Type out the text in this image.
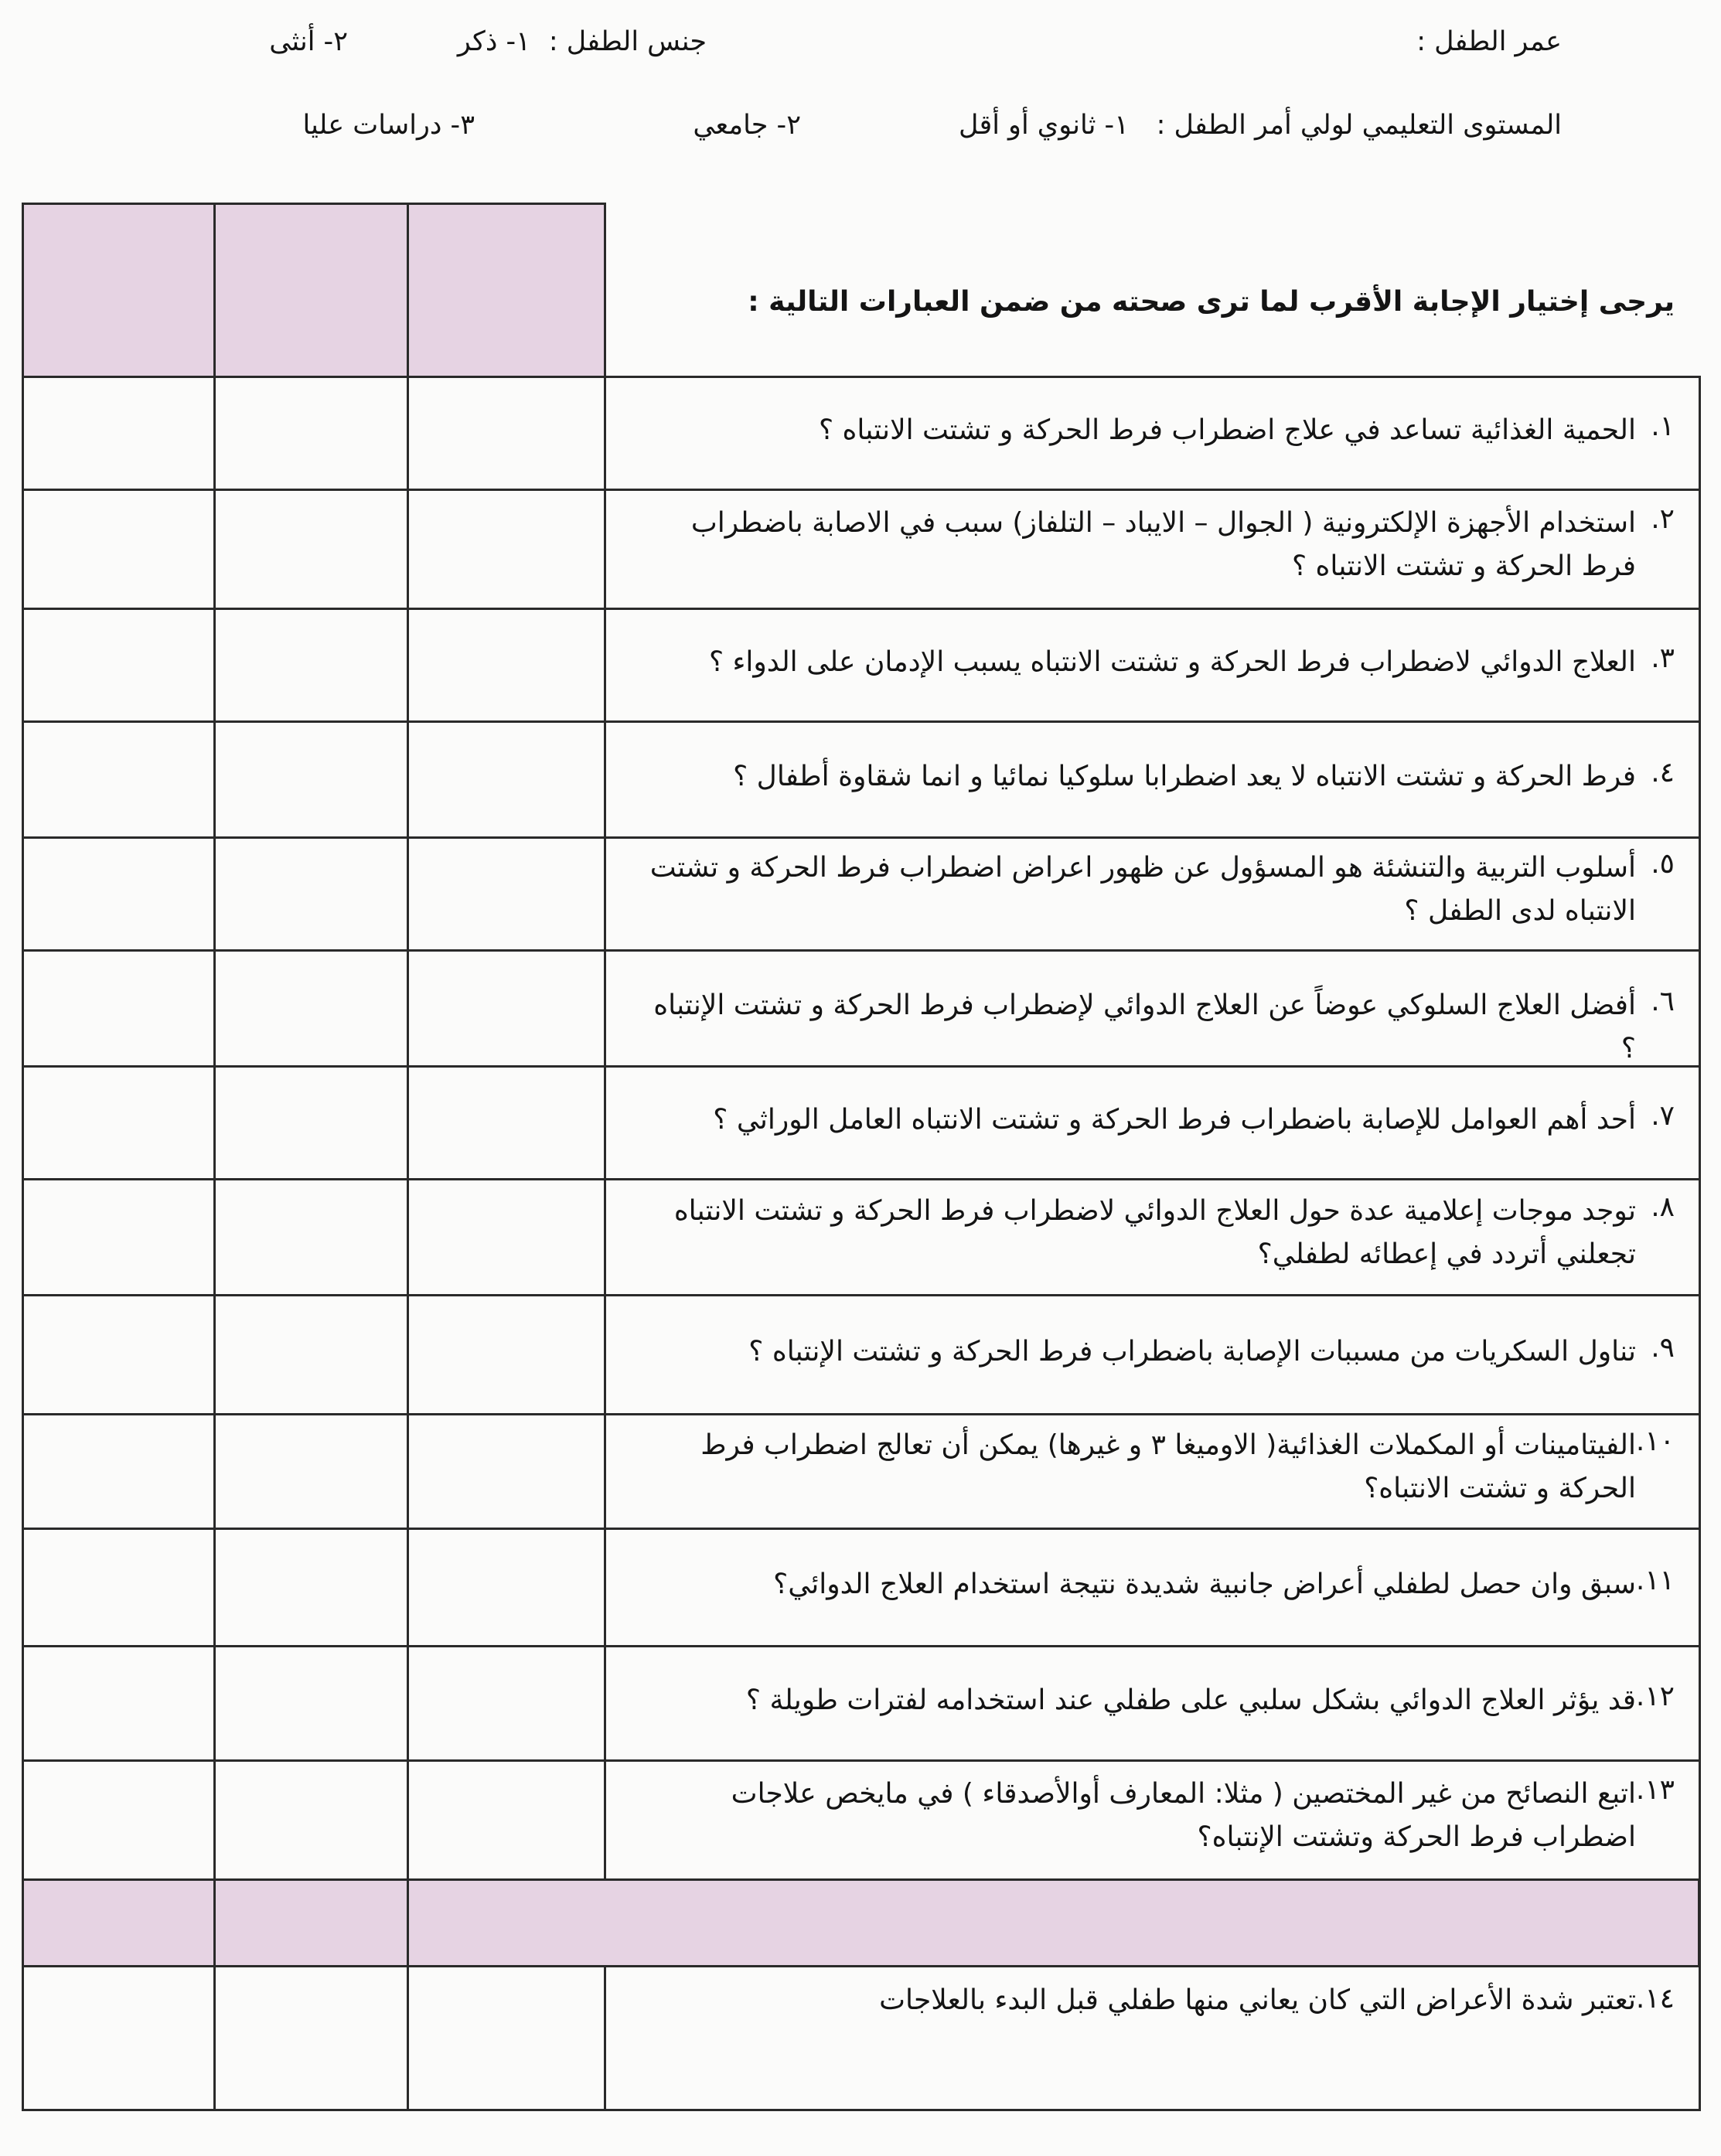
عمر الطفل :
جنس الطفل :
١- ذكر
٢- أنثى
المستوى التعليمي لولي أمر الطفل :
١- ثانوي أو أقل
٢- جامعي
٣- دراسات عليا
يرجى إختيار الإجابة الأقرب لما ترى صحته من ضمن العبارات التالية :
١٤.
تعتبر شدة الأعراض التي كان يعاني منها طفلي قبل البدء بالعلاجات
١.
الحمية الغذائية تساعد في علاج اضطراب فرط الحركة و تشتت الانتباه ؟
٢.
استخدام الأجهزة الإلكترونية ( الجوال – الايباد – التلفاز) سبب في الاصابة باضطراب فرط الحركة و تشتت الانتباه ؟
٣.
العلاج الدوائي لاضطراب فرط الحركة و تشتت الانتباه يسبب الإدمان على الدواء ؟
٤.
فرط الحركة و تشتت الانتباه لا يعد اضطرابا سلوكيا نمائيا و انما شقاوة أطفال ؟
٥.
أسلوب التربية والتنشئة هو المسؤول عن ظهور اعراض اضطراب فرط الحركة و تشتت الانتباه لدى الطفل ؟
٦.
أفضل العلاج السلوكي عوضاً عن العلاج الدوائي لإضطراب فرط الحركة و تشتت الإنتباه ؟
٧.
أحد أهم العوامل للإصابة باضطراب فرط الحركة و تشتت الانتباه العامل الوراثي ؟
٨.
توجد موجات إعلامية عدة حول العلاج الدوائي لاضطراب فرط الحركة و تشتت الانتباه تجعلني أتردد في إعطائه لطفلي؟
٩.
تناول السكريات من مسببات الإصابة باضطراب فرط الحركة و تشتت الإنتباه ؟
١٠.
الفيتامينات أو المكملات الغذائية( الاوميغا ٣ و غيرها) يمكن أن تعالج اضطراب فرط الحركة و تشتت الانتباه؟
١١.
سبق وان حصل لطفلي أعراض جانبية شديدة نتيجة استخدام العلاج الدوائي؟
١٢.
قد يؤثر العلاج الدوائي بشكل سلبي على طفلي عند استخدامه لفترات طويلة ؟
١٣.
اتبع النصائح من غير المختصين ( مثلا: المعارف أوالأصدقاء ) في مايخص علاجات اضطراب فرط الحركة وتشتت الإنتباه؟
